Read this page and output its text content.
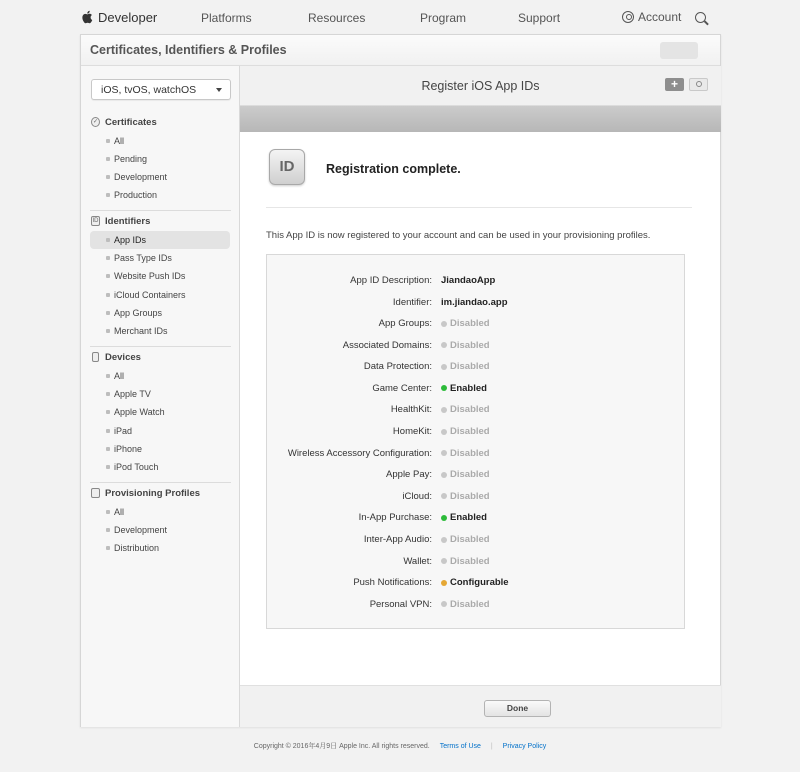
Developer	Platforms	Resources	Program	Support	Account
Certificates, Identifiers & Profiles
iOS, tvOS, watchOS
✓ Certificates
All
Pending
Development
Production
ID Identifiers
App IDs
Pass Type IDs
Website Push IDs
iCloud Containers
App Groups
Merchant IDs
Devices
All
Apple TV
Apple Watch
iPad
iPhone
iPod Touch
Provisioning Profiles
All
Development
Distribution
Register iOS App IDs	+
ID	Registration complete.
This App ID is now registered to your account and can be used in your provisioning profiles.
App ID Description: JiandaoApp
Identifier: im.jiandao.app
App Groups: Disabled
Associated Domains: Disabled
Data Protection: Disabled
Game Center: Enabled
HealthKit: Disabled
HomeKit: Disabled
Wireless Accessory Configuration: Disabled
Apple Pay: Disabled
iCloud: Disabled
In-App Purchase: Enabled
Inter-App Audio: Disabled
Wallet: Disabled
Push Notifications: Configurable
Personal VPN: Disabled
Done
Copyright © 2016年4月9日 Apple Inc. All rights reserved. Terms of Use | Privacy Policy
